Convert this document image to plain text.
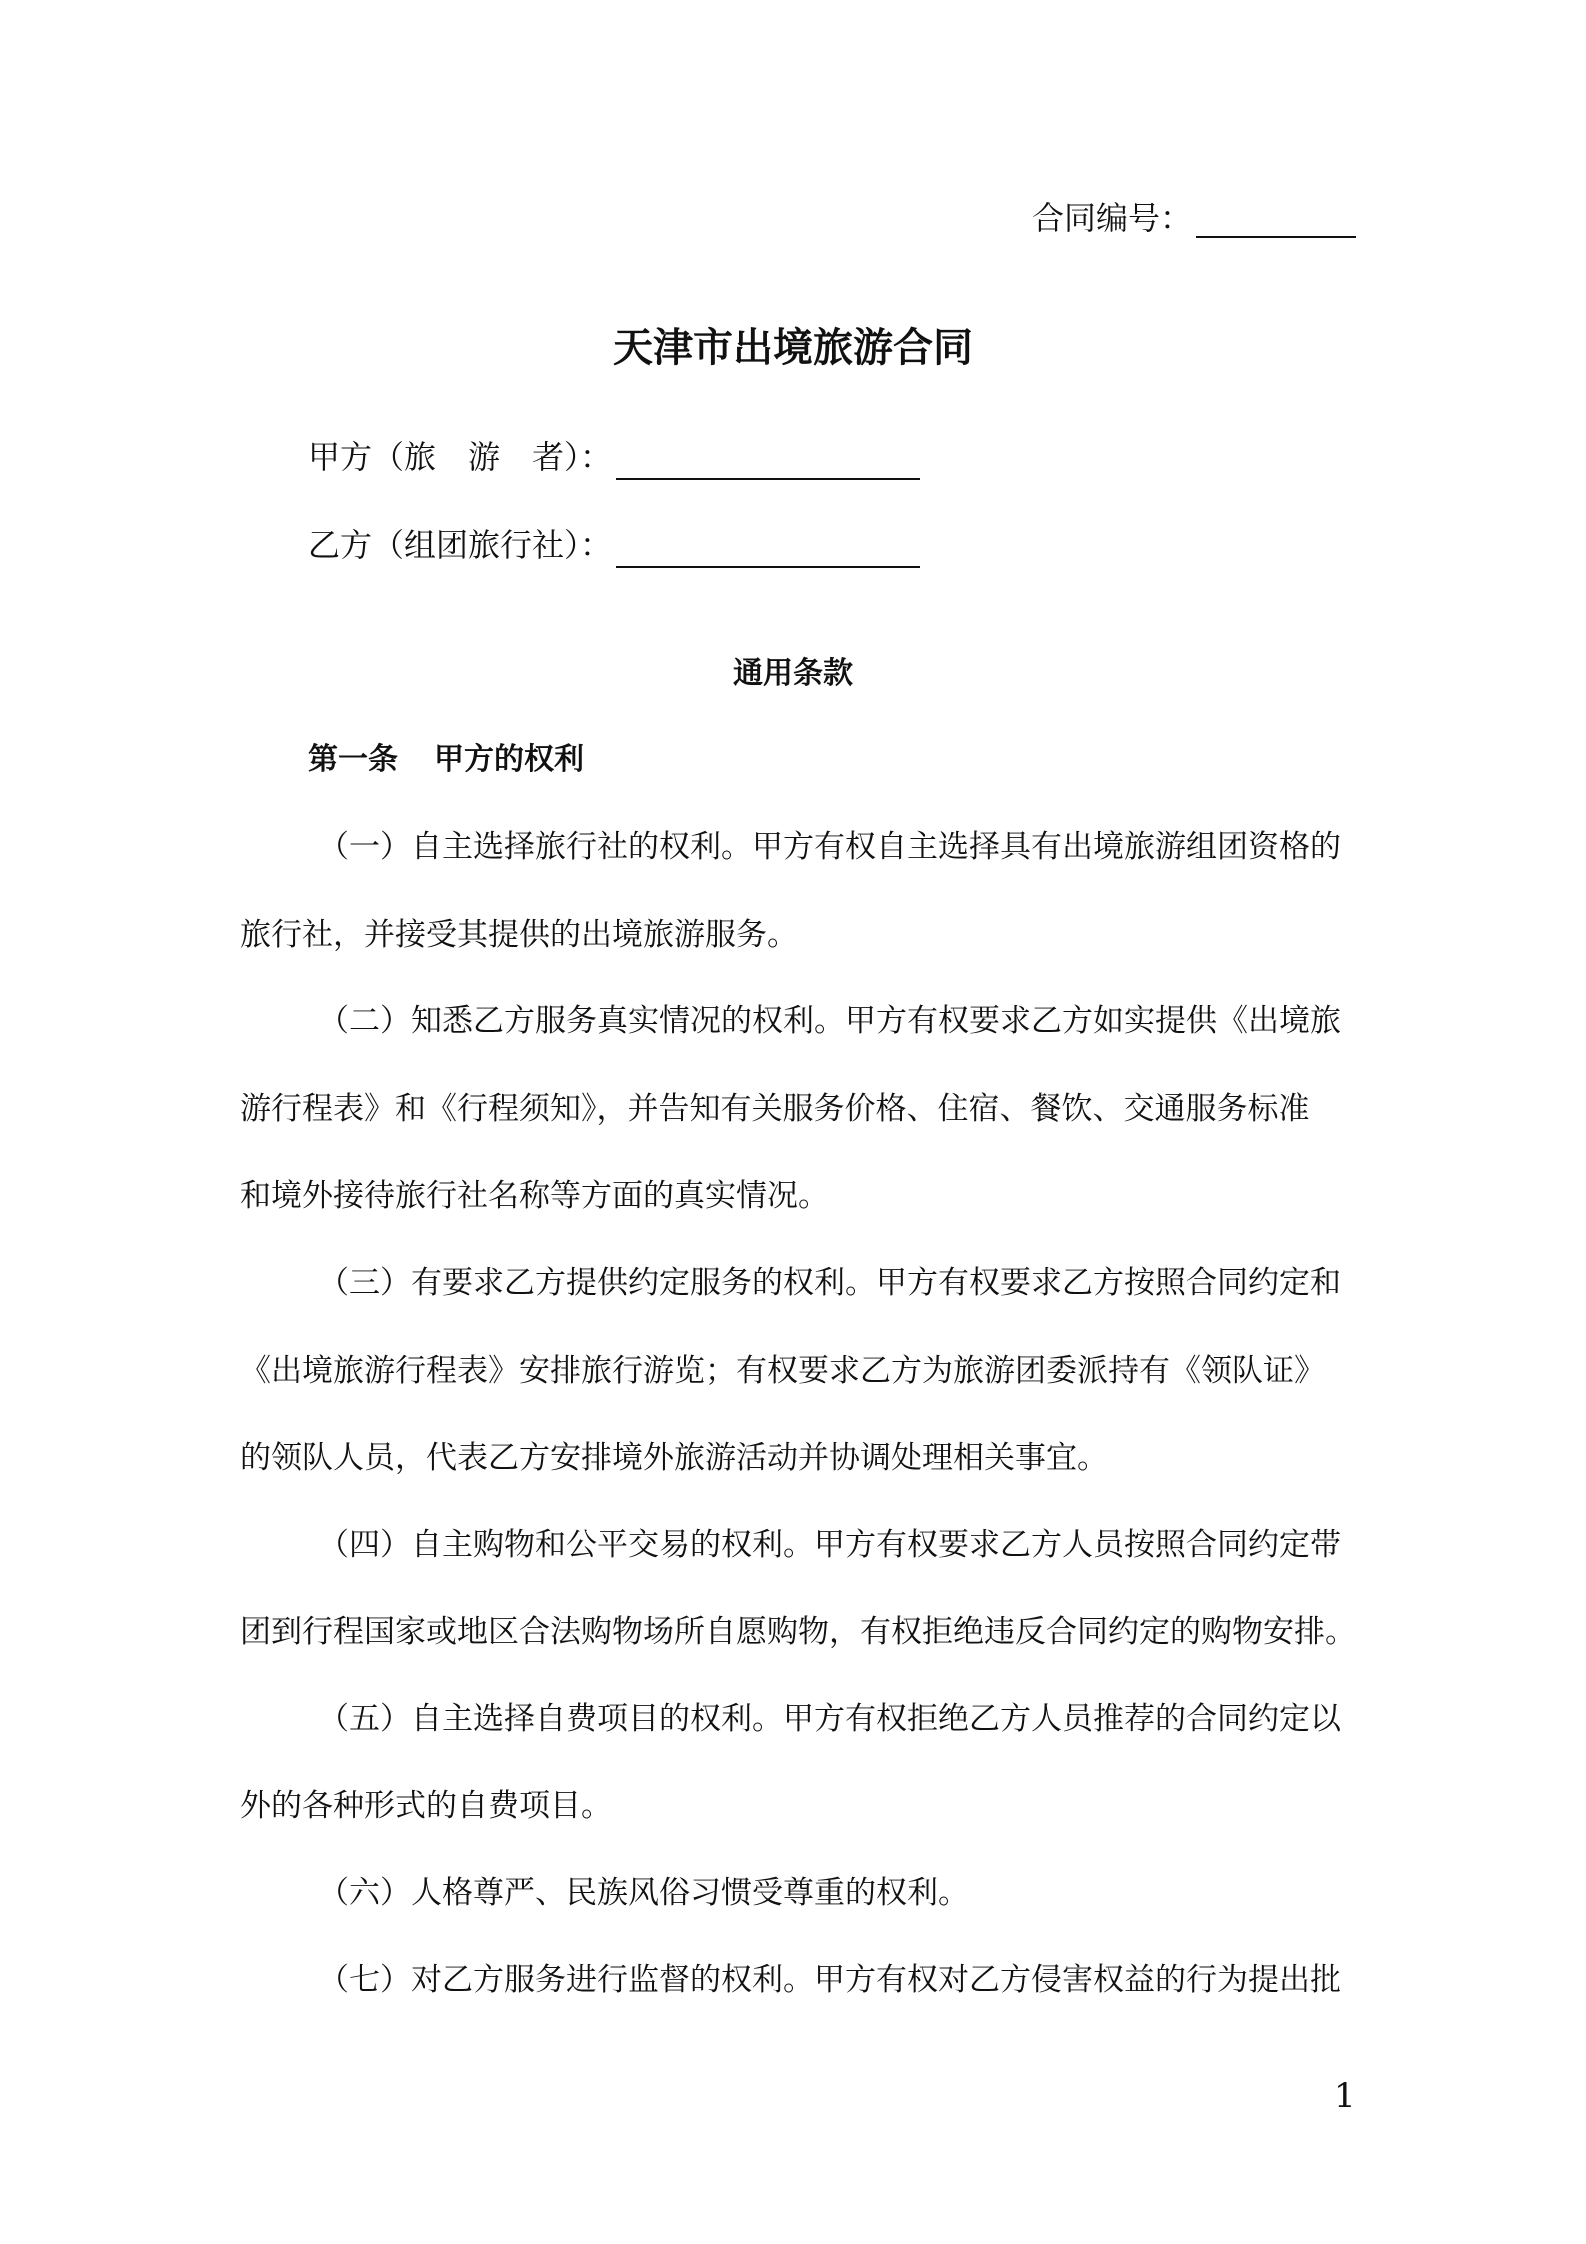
合同编号：
天津市出境旅游合同
甲方（旅　游　者）：
乙方（组团旅行社）：
通用条款
第一条 甲方的权利
（一）自主选择旅行社的权利。甲方有权自主选择具有出境旅游组团资格的
旅行社，并接受其提供的出境旅游服务。
（二）知悉乙方服务真实情况的权利。甲方有权要求乙方如实提供《出境旅
游行程表》和《行程须知》，并告知有关服务价格、住宿、餐饮、交通服务标准
和境外接待旅行社名称等方面的真实情况。
（三）有要求乙方提供约定服务的权利。甲方有权要求乙方按照合同约定和
《出境旅游行程表》安排旅行游览；有权要求乙方为旅游团委派持有《领队证》
的领队人员，代表乙方安排境外旅游活动并协调处理相关事宜。
（四）自主购物和公平交易的权利。甲方有权要求乙方人员按照合同约定带
团到行程国家或地区合法购物场所自愿购物，有权拒绝违反合同约定的购物安排。
（五）自主选择自费项目的权利。甲方有权拒绝乙方人员推荐的合同约定以
外的各种形式的自费项目。
（六）人格尊严、民族风俗习惯受尊重的权利。
（七）对乙方服务进行监督的权利。甲方有权对乙方侵害权益的行为提出批
1
